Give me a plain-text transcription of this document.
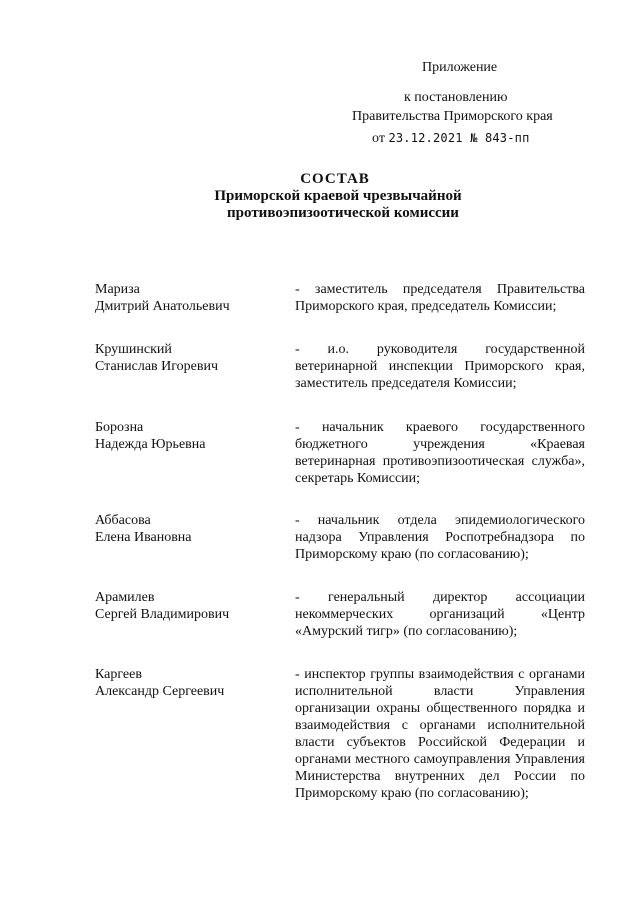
Приложение
к постановлению
Правительства Приморского края
от 23.12.2021 № 843-пп
СОСТАВ
Приморской краевой чрезвычайной
противоэпизоотической комиссии
Мариза
Дмитрий Анатольевич
- заместитель председателя Правительства Приморского края, председатель Комиссии;
Крушинский
Станислав Игоревич
- и.о. руководителя государственной ветеринарной инспекции Приморского края, заместитель председателя Комиссии;
Борозна
Надежда Юрьевна
- начальник краевого государственного бюджетного учреждения «Краевая ветеринарная противоэпизоотическая служба», секретарь Комиссии;
Аббасова
Елена Ивановна
- начальник отдела эпидемиологического надзора Управления Роспотребнадзора по Приморскому краю (по согласованию);
Арамилев
Сергей Владимирович
- генеральный директор ассоциации некоммерческих организаций «Центр «Амурский тигр» (по согласованию);
Каргеев
Александр Сергеевич
- инспектор группы взаимодействия с органами исполнительной власти Управления организации охраны общественного порядка и взаимодействия с органами исполнительной власти субъектов Российской Федерации и органами местного самоуправления Управления Министерства внутренних дел России по Приморскому краю (по согласованию);
